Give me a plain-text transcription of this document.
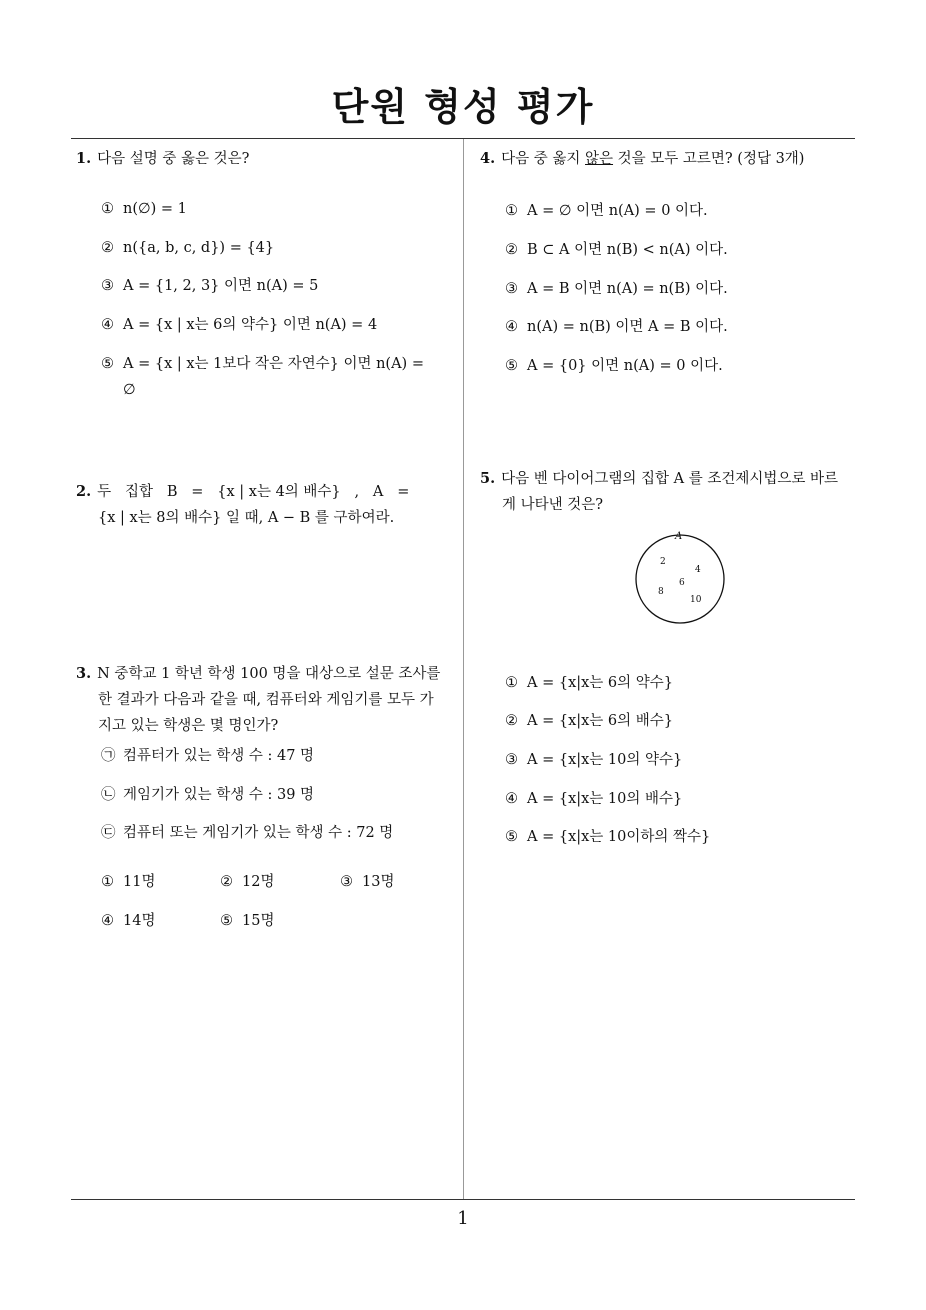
단원 형성 평가
1. 다음 설명 중 옳은 것은?
① n(∅) = 1
② n({a, b, c, d}) = {4}
③ A = {1, 2, 3} 이면 n(A) = 5
④ A = {x | x는 6의 약수} 이면 n(A) = 4
⑤ A = {x | x는 1보다 작은 자연수} 이면 n(A) =
∅
2. 두   집합   B   =   {x | x는 4의 배수}   ,   A   =
{x | x는 8의 배수} 일 때, A − B 를 구하여라.
3. N 중학교 1 학년 학생 100 명을 대상으로 설문 조사를
한 결과가 다음과 같을 때, 컴퓨터와 게임기를 모두 가
지고 있는 학생은 몇 명인가?
㉠ 컴퓨터가 있는 학생 수 : 47 명
㉡ 게임기가 있는 학생 수 : 39 명
㉢ 컴퓨터 또는 게임기가 있는 학생 수 : 72 명
① 11명	② 12명	③ 13명
④ 14명	⑤ 15명
4. 다음 중 옳지 않은 것을 모두 고르면? (정답 3개)
① A = ∅ 이면 n(A) = 0 이다.
② B ⊂ A 이면 n(B) < n(A) 이다.
③ A = B 이면 n(A) = n(B) 이다.
④ n(A) = n(B) 이면 A = B 이다.
⑤ A = {0} 이면 n(A) = 0 이다.
5. 다음 벤 다이어그램의 집합 A 를 조건제시법으로 바르
게 나타낸 것은?
A
2
4
6
8
10
① A = {x|x는 6의 약수}
② A = {x|x는 6의 배수}
③ A = {x|x는 10의 약수}
④ A = {x|x는 10의 배수}
⑤ A = {x|x는 10이하의 짝수}
1
